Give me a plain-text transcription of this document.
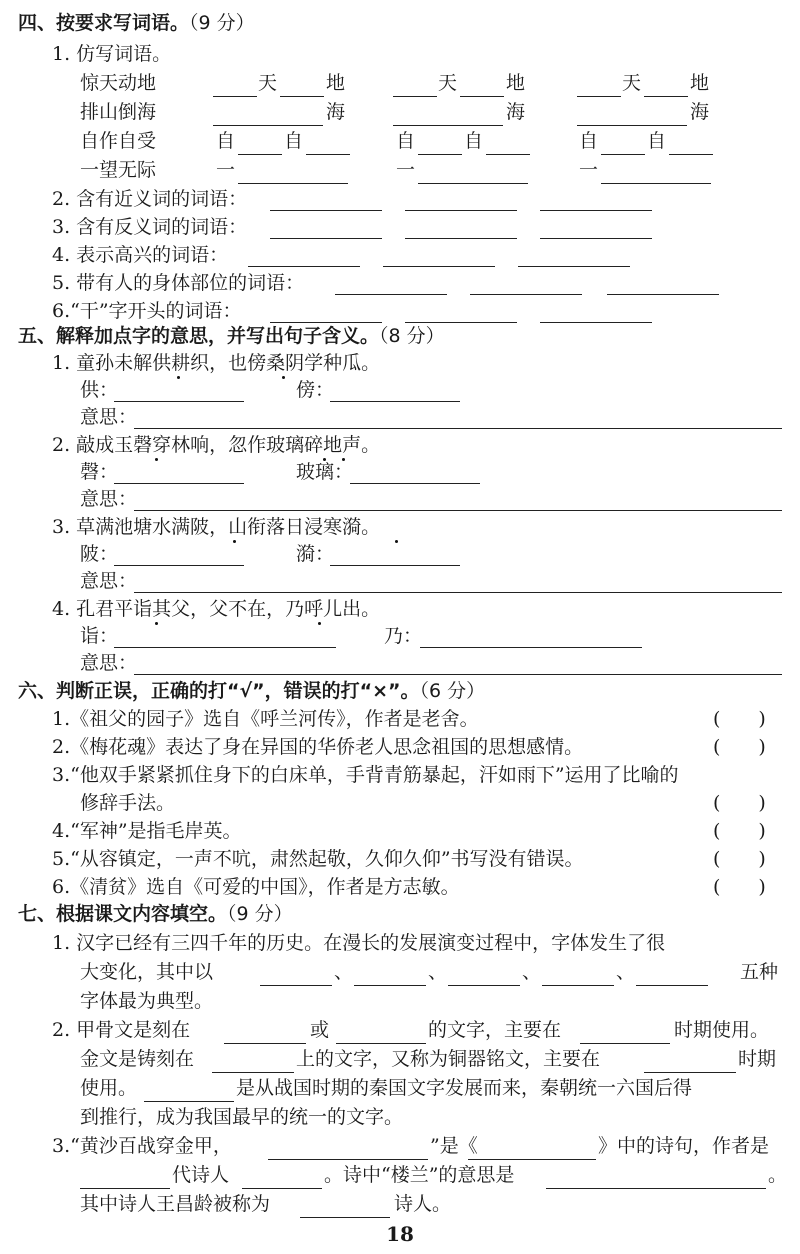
四、按要求写词语。（9 分）
1. 仿写词语。
惊天动地	天	地	天	地	天	地
排山倒海	海	海	海
自作自受	自	自	自	自	自	自
一望无际	一	一	一
2. 含有近义词的词语：
3. 含有反义词的词语：
4. 表示高兴的词语：
5. 带有人的身体部位的词语：
6.“干”字开头的词语：
五、解释加点字的意思，并写出句子含义。（8 分）
1. 童孙未解供耕织，也傍桑阴学种瓜。
供：	傍：
意思：
2. 敲成玉磬穿林响，忽作玻璃碎地声。
磬：	玻璃：
意思：
3. 草满池塘水满陂，山衔落日浸寒漪。
陂：	漪：
意思：
4. 孔君平诣其父，父不在，乃呼儿出。
诣：	乃：
意思：
六、判断正误，正确的打“√”，错误的打“×”。（6 分）
1.《祖父的园子》选自《呼兰河传》，作者是老舍。	(　　)
2.《梅花魂》表达了身在异国的华侨老人思念祖国的思想感情。	(　　)
3.“他双手紧紧抓住身下的白床单，手背青筋暴起，汗如雨下”运用了比喻的
修辞手法。	(　　)
4.“军神”是指毛岸英。	(　　)
5.“从容镇定，一声不吭，肃然起敬，久仰久仰”书写没有错误。	(　　)
6.《清贫》选自《可爱的中国》，作者是方志敏。	(　　)
七、根据课文内容填空。（9 分）
1. 汉字已经有三四千年的历史。在漫长的发展演变过程中，字体发生了很
大变化，其中以	、	、	、	、	五种
字体最为典型。
2. 甲骨文是刻在	或	的文字，主要在	时期使用。
金文是铸刻在	上的文字，又称为铜器铭文，主要在	时期
使用。	是从战国时期的秦国文字发展而来，秦朝统一六国后得
到推行，成为我国最早的统一的文字。
3.“黄沙百战穿金甲，	”是《	》中的诗句，作者是
代诗人	。诗中“楼兰”的意思是	。
其中诗人王昌龄被称为	诗人。
18
